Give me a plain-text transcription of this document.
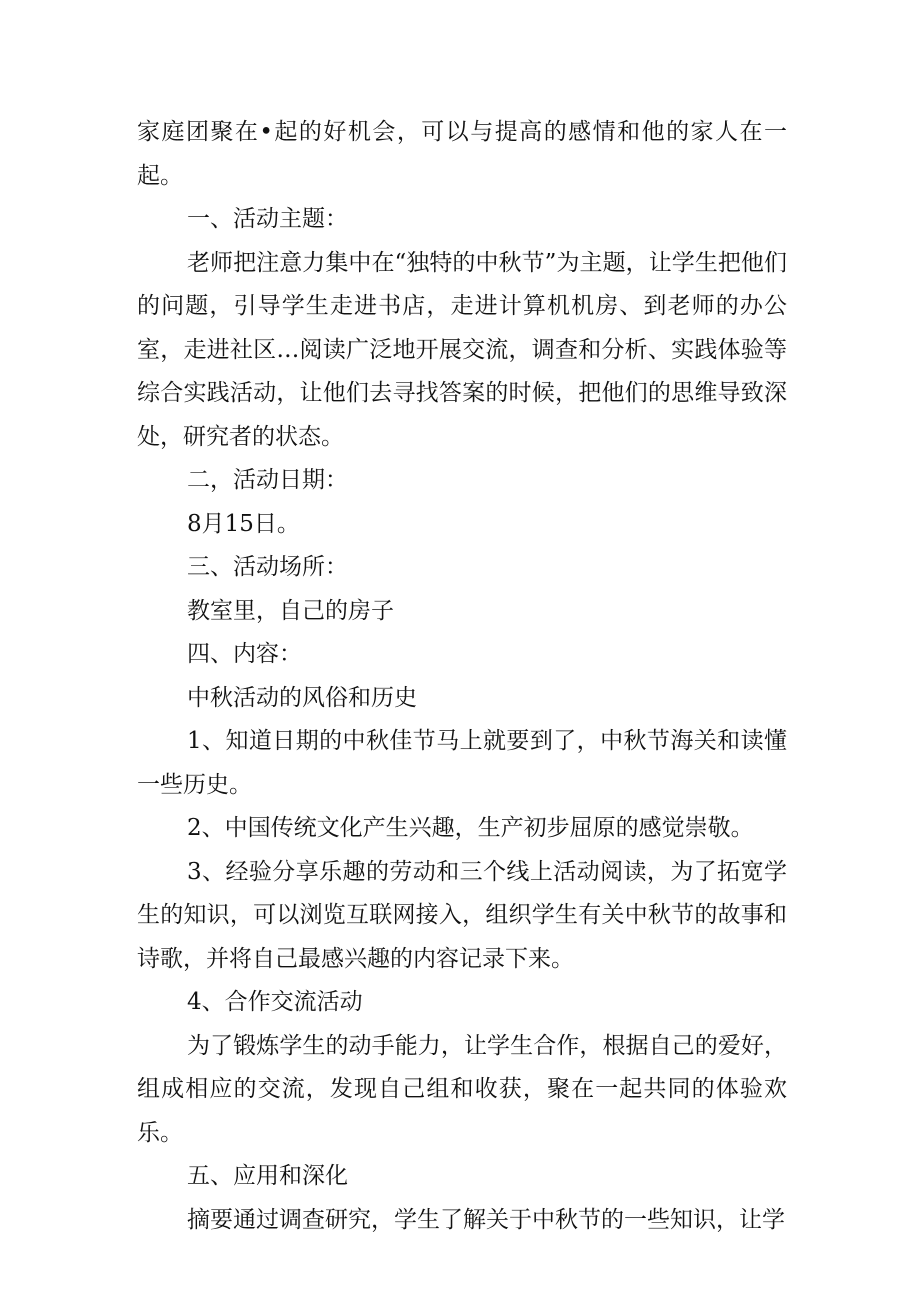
家庭团聚在•起的好机会，可以与提高的感情和他的家人在一起。

一、活动主题：

老师把注意力集中在“独特的中秋节”为主题，让学生把他们的问题，引导学生走进书店，走进计算机机房、到老师的办公室，走进社区…阅读广泛地开展交流，调查和分析、实践体验等综合实践活动，让他们去寻找答案的时候，把他们的思维导致深处，研究者的状态。

二，活动日期：

8月15日。

三、活动场所：

教室里，自己的房子

四、内容：

中秋活动的风俗和历史

1、知道日期的中秋佳节马上就要到了，中秋节海关和读懂一些历史。

2、中国传统文化产生兴趣，生产初步屈原的感觉崇敬。

3、经验分享乐趣的劳动和三个线上活动阅读，为了拓宽学生的知识，可以浏览互联网接入，组织学生有关中秋节的故事和诗歌，并将自己最感兴趣的内容记录下来。

4、合作交流活动

为了锻炼学生的动手能力，让学生合作，根据自己的爱好，组成相应的交流，发现自己组和收获，聚在一起共同的体验欢乐。

五、应用和深化

摘要通过调查研究，学生了解关于中秋节的一些知识，让学
